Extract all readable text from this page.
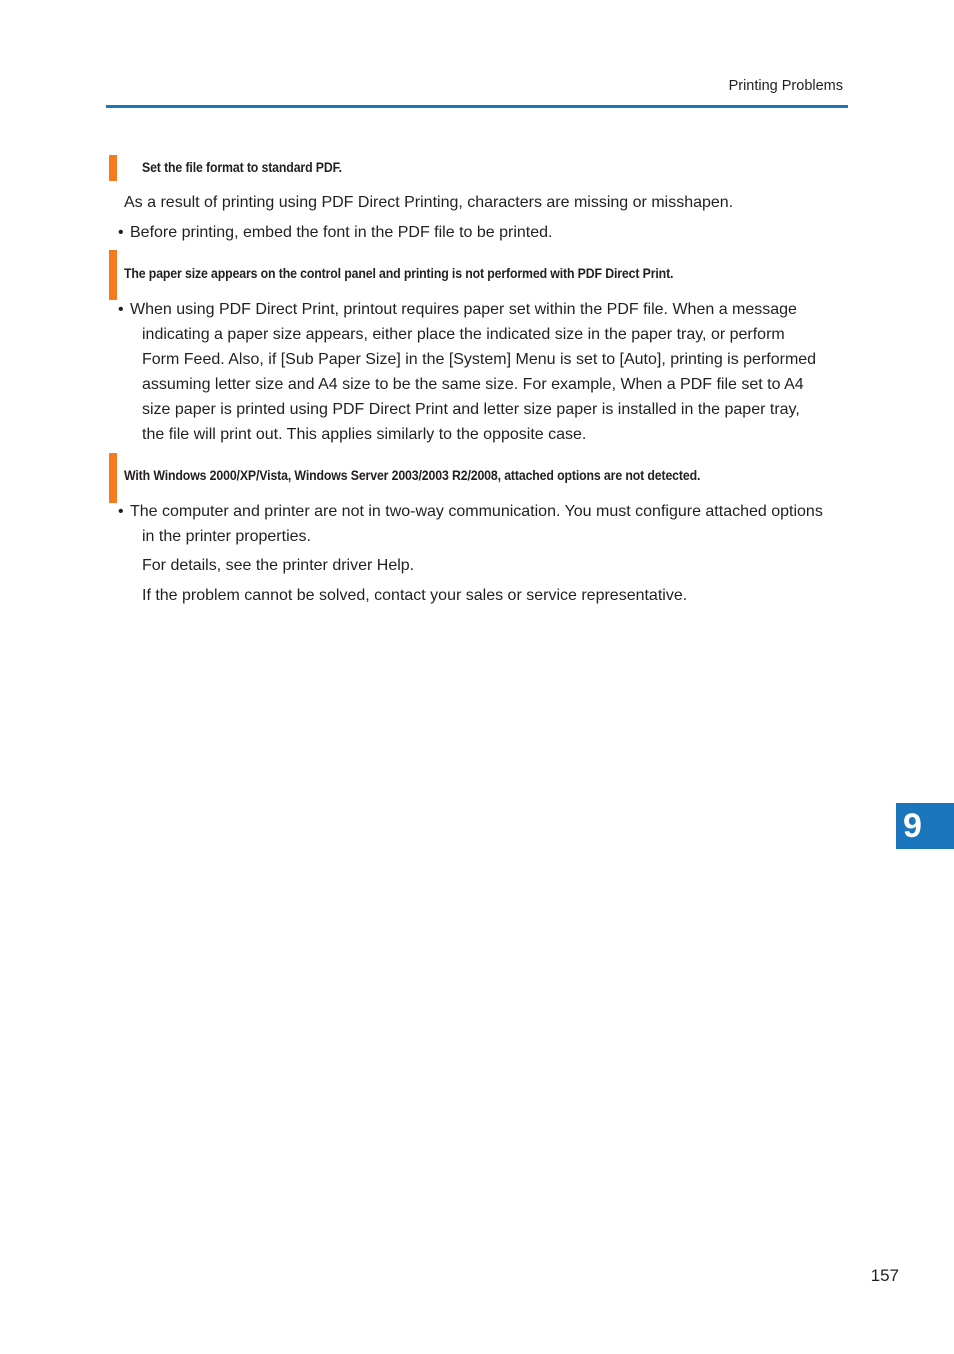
Printing Problems
Set the file format to standard PDF.
As a result of printing using PDF Direct Printing, characters are missing or misshapen.
• Before printing, embed the font in the PDF file to be printed.
The paper size appears on the control panel and printing is not performed with PDF Direct Print.
• When using PDF Direct Print, printout requires paper set within the PDF file. When a message
indicating a paper size appears, either place the indicated size in the paper tray, or perform
Form Feed. Also, if [Sub Paper Size] in the [System] Menu is set to [Auto], printing is performed
assuming letter size and A4 size to be the same size. For example, When a PDF file set to A4
size paper is printed using PDF Direct Print and letter size paper is installed in the paper tray,
the file will print out. This applies similarly to the opposite case.
With Windows 2000/XP/Vista, Windows Server 2003/2003 R2/2008, attached options are not detected.
• The computer and printer are not in two-way communication. You must configure attached options
in the printer properties.
For details, see the printer driver Help.
If the problem cannot be solved, contact your sales or service representative.
9
157
